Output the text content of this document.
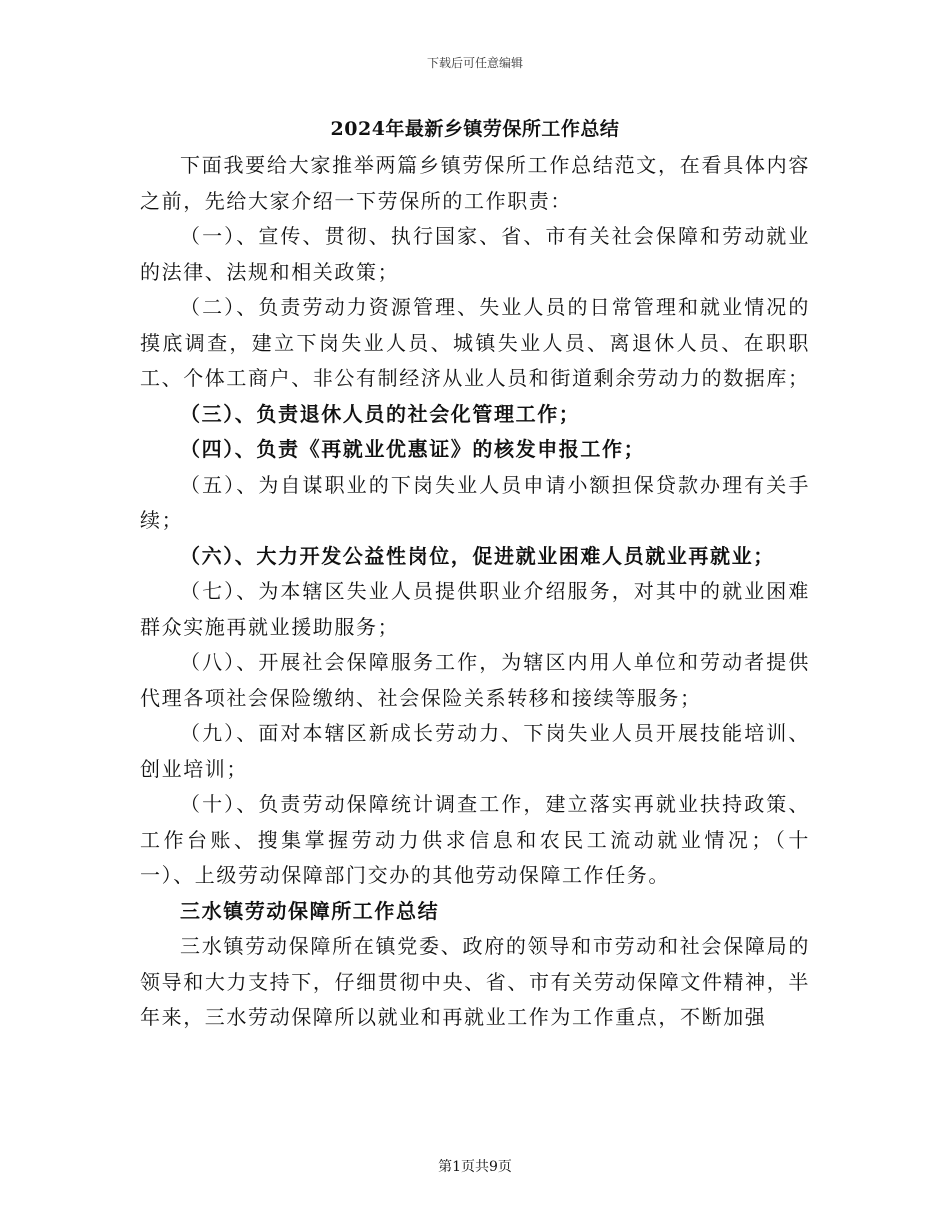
下载后可任意编辑
2024年最新乡镇劳保所工作总结

下面我要给大家推举两篇乡镇劳保所工作总结范文，在看具体内容之前，先给大家介绍一下劳保所的工作职责：

（一）、宣传、贯彻、执行国家、省、市有关社会保障和劳动就业的法律、法规和相关政策；

（二）、负责劳动力资源管理、失业人员的日常管理和就业情况的摸底调查，建立下岗失业人员、城镇失业人员、离退休人员、在职职工、个体工商户、非公有制经济从业人员和街道剩余劳动力的数据库；

（三）、负责退休人员的社会化管理工作；

（四）、负责《再就业优惠证》的核发申报工作；

（五）、为自谋职业的下岗失业人员申请小额担保贷款办理有关手续；

（六）、大力开发公益性岗位，促进就业困难人员就业再就业；

（七）、为本辖区失业人员提供职业介绍服务，对其中的就业困难群众实施再就业援助服务；

（八）、开展社会保障服务工作，为辖区内用人单位和劳动者提供代理各项社会保险缴纳、社会保险关系转移和接续等服务；

（九）、面对本辖区新成长劳动力、下岗失业人员开展技能培训、创业培训；

（十）、负责劳动保障统计调查工作，建立落实再就业扶持政策、工作台账、搜集掌握劳动力供求信息和农民工流动就业情况；（十一）、上级劳动保障部门交办的其他劳动保障工作任务。

三水镇劳动保障所工作总结

三水镇劳动保障所在镇党委、政府的领导和市劳动和社会保障局的领导和大力支持下，仔细贯彻中央、省、市有关劳动保障文件精神，半年来，三水劳动保障所以就业和再就业工作为工作重点，不断加强

第1页共9页
